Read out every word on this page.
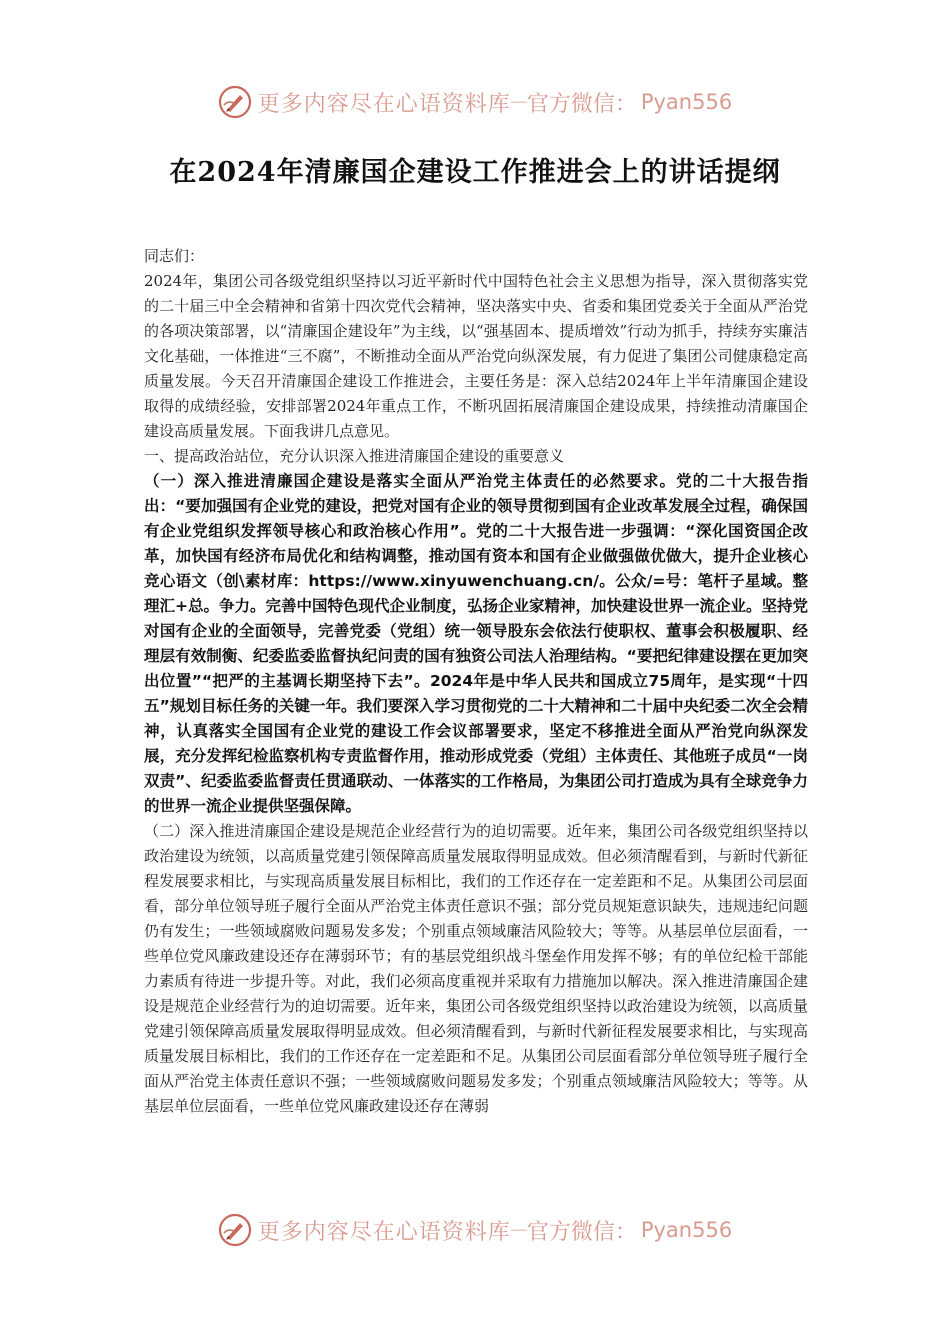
更多内容尽在心语资料库 — 官方微信： Pyan556
在2024年清廉国企建设工作推进会上的讲话提纲

同志们：

2024年，集团公司各级党组织坚持以习近平新时代中国特色社会主义思想为指导，深入贯彻落实党的二十届三中全会精神和省第十四次党代会精神，坚决落实中央、省委和集团党委关于全面从严治党的各项决策部署，以“清廉国企建设年”为主线，以“强基固本、提质增效”行动为抓手，持续夯实廉洁文化基础，一体推进“三不腐”，不断推动全面从严治党向纵深发展，有力促进了集团公司健康稳定高质量发展。今天召开清廉国企建设工作推进会，主要任务是：深入总结2024年上半年清廉国企建设取得的成绩经验，安排部署2024年重点工作，不断巩固拓展清廉国企建设成果，持续推动清廉国企建设高质量发展。下面我讲几点意见。

一、提高政治站位，充分认识深入推进清廉国企建设的重要意义

（一）深入推进清廉国企建设是落实全面从严治党主体责任的必然要求。党的二十大报告指出：“要加强国有企业党的建设，把党对国有企业的领导贯彻到国有企业改革发展全过程，确保国有企业党组织发挥领导核心和政治核心作用”。党的二十大报告进一步强调：“深化国资国企改革，加快国有经济布局优化和结构调整，推动国有资本和国有企业做强做优做大，提升企业核心竞心语文（创\素材库：https://www.xinyuwenchuang.cn/。公众/=号：笔杆子星域。整理汇+总。争力。完善中国特色现代企业制度，弘扬企业家精神，加快建设世界一流企业。坚持党对国有企业的全面领导，完善党委（党组）统一领导股东会依法行使职权、董事会积极履职、经理层有效制衡、纪委监委监督执纪问责的国有独资公司法人治理结构。“要把纪律建设摆在更加突出位置”“把严的主基调长期坚持下去”。2024年是中华人民共和国成立75周年，是实现“十四五”规划目标任务的关键一年。我们要深入学习贯彻党的二十大精神和二十届中央纪委二次全会精神，认真落实全国国有企业党的建设工作会议部署要求，坚定不移推进全面从严治党向纵深发展，充分发挥纪检监察机构专责监督作用，推动形成党委（党组）主体责任、其他班子成员“一岗双责”、纪委监委监督责任贯通联动、一体落实的工作格局，为集团公司打造成为具有全球竞争力的世界一流企业提供坚强保障。

（二）深入推进清廉国企建设是规范企业经营行为的迫切需要。近年来，集团公司各级党组织坚持以政治建设为统领，以高质量党建引领保障高质量发展取得明显成效。但必须清醒看到，与新时代新征程发展要求相比，与实现高质量发展目标相比，我们的工作还存在一定差距和不足。从集团公司层面看，部分单位领导班子履行全面从严治党主体责任意识不强；部分党员规矩意识缺失，违规违纪问题仍有发生；一些领域腐败问题易发多发；个别重点领域廉洁风险较大；等等。从基层单位层面看，一些单位党风廉政建设还存在薄弱环节；有的基层党组织战斗堡垒作用发挥不够；有的单位纪检干部能力素质有待进一步提升等。对此，我们必须高度重视并采取有力措施加以解决。深入推进清廉国企建设是规范企业经营行为的迫切需要。近年来，集团公司各级党组织坚持以政治建设为统领，以高质量党建引领保障高质量发展取得明显成效。但必须清醒看到，与新时代新征程发展要求相比，与实现高质量发展目标相比，我们的工作还存在一定差距和不足。从集团公司层面看部分单位领导班子履行全面从严治党主体责任意识不强；一些领域腐败问题易发多发；个别重点领域廉洁风险较大；等等。从基层单位层面看，一些单位党风廉政建设还存在薄弱

更多内容尽在心语资料库 — 官方微信： Pyan556
